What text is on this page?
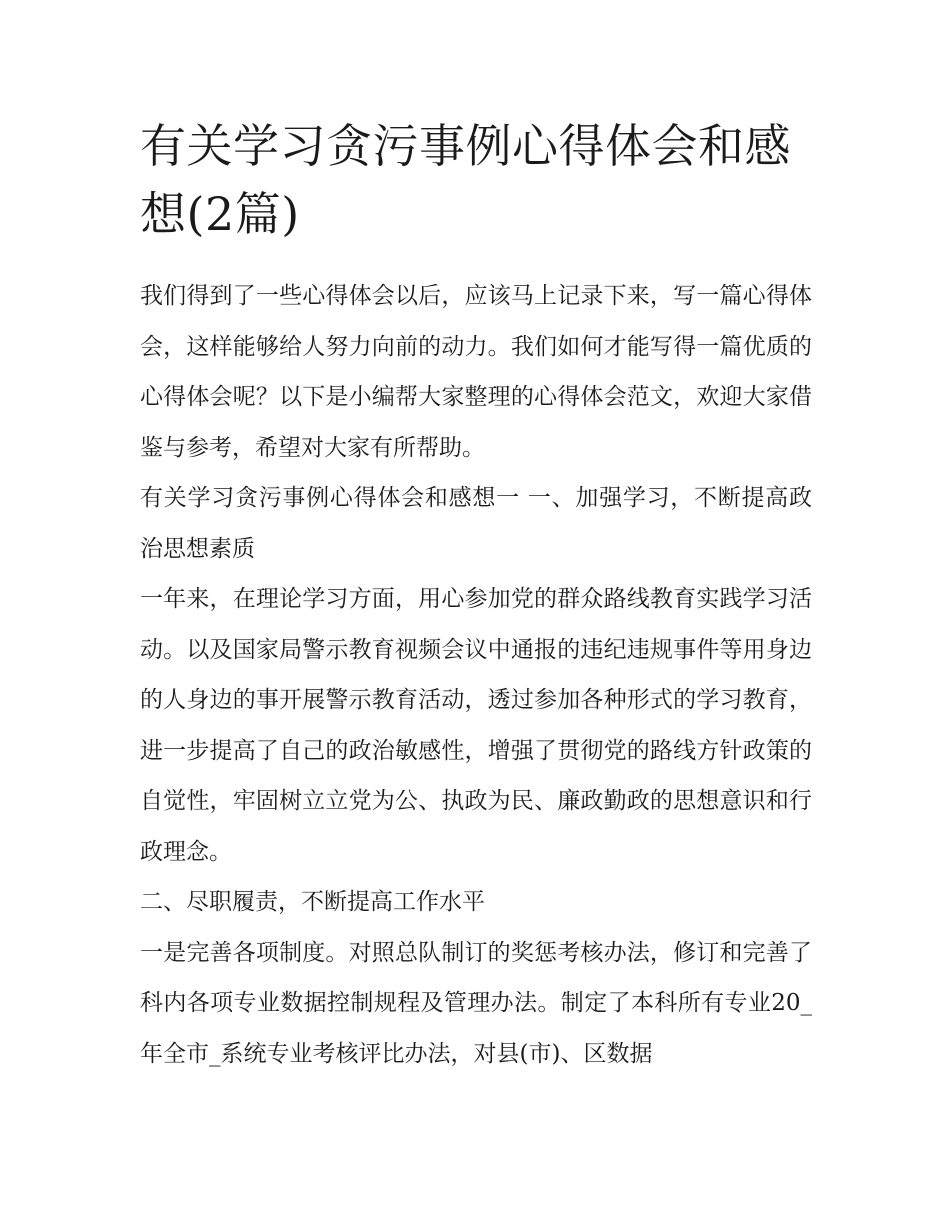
有关学习贪污事例心得体会和感想(2篇)

我们得到了一些心得体会以后，应该马上记录下来，写一篇心得体会，这样能够给人努力向前的动力。我们如何才能写得一篇优质的心得体会呢？以下是小编帮大家整理的心得体会范文，欢迎大家借鉴与参考，希望对大家有所帮助。

有关学习贪污事例心得体会和感想一 一、加强学习，不断提高政治思想素质

一年来，在理论学习方面，用心参加党的群众路线教育实践学习活动。以及国家局警示教育视频会议中通报的违纪违规事件等用身边的人身边的事开展警示教育活动，透过参加各种形式的学习教育，进一步提高了自己的政治敏感性，增强了贯彻党的路线方针政策的自觉性，牢固树立立党为公、执政为民、廉政勤政的思想意识和行政理念。

二、尽职履责，不断提高工作水平

一是完善各项制度。对照总队制订的奖惩考核办法，修订和完善了科内各项专业数据控制规程及管理办法。制定了本科所有专业20_年全市_系统专业考核评比办法，对县(市)、区数据
